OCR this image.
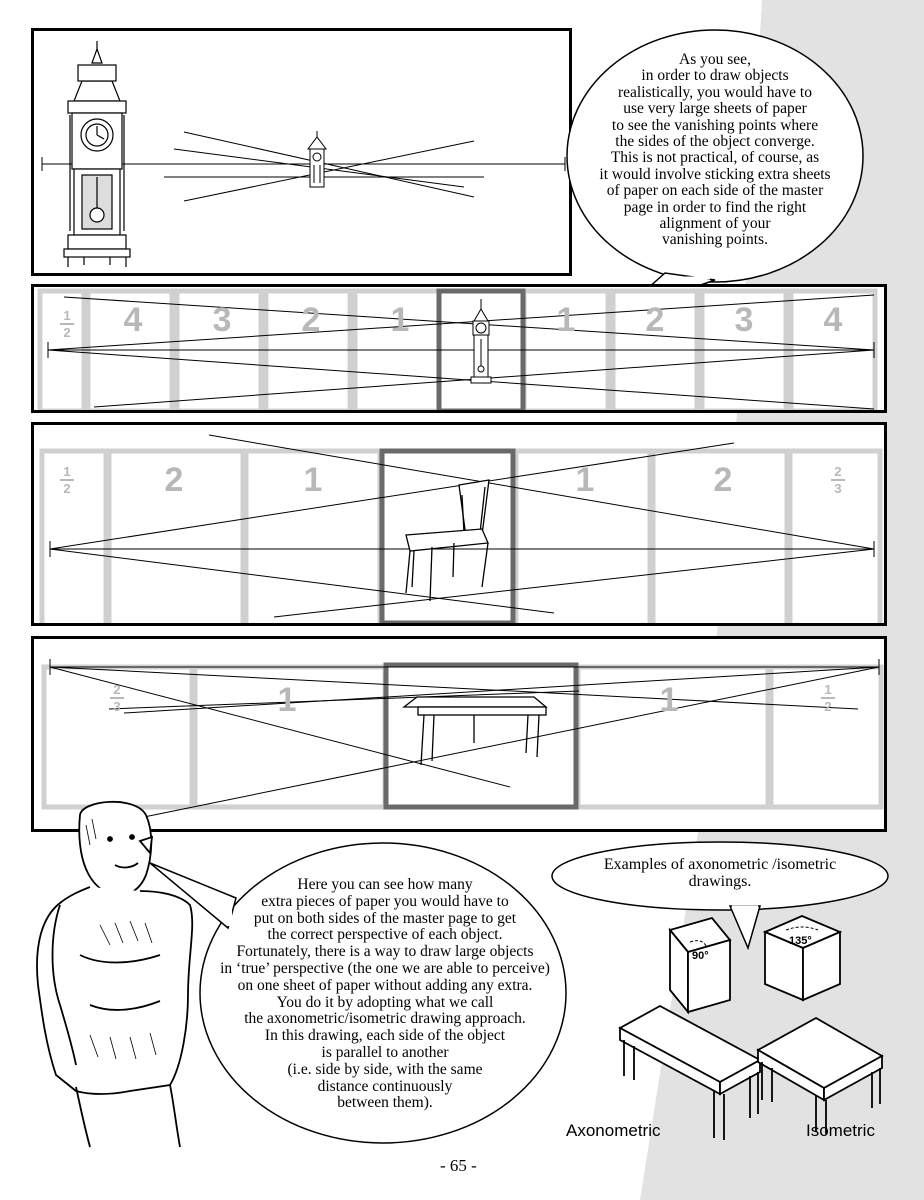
As you see,
in order to draw objects
realistically, you would have to
use very large sheets of paper
to see the vanishing points where
the sides of the object converge.
This is not practical, of course, as
it would involve sticking extra sheets
of paper on each side of the master
page in order to find the right
alignment of your
vanishing points.
1
2 4 3 2 1	1 2 3 4
1
2	2	1	1	2	2
3
2
3	1	1	1
2
Here you can see how many
extra pieces of paper you would have to
put on both sides of the master page to get
the correct perspective of each object.
Fortunately, there is a way to draw large objects
in ‘true’ perspective (the one we are able to perceive)
on one sheet of paper without adding any extra.
You do it by adopting what we call
the axonometric/isometric drawing approach.
In this drawing, each side of the object
is parallel to another
(i.e. side by side, with the same
distance continuously
between them).
Examples of axonometric /isometric
drawings.
90°
135°
Axonometric	Isometric
- 65 -
